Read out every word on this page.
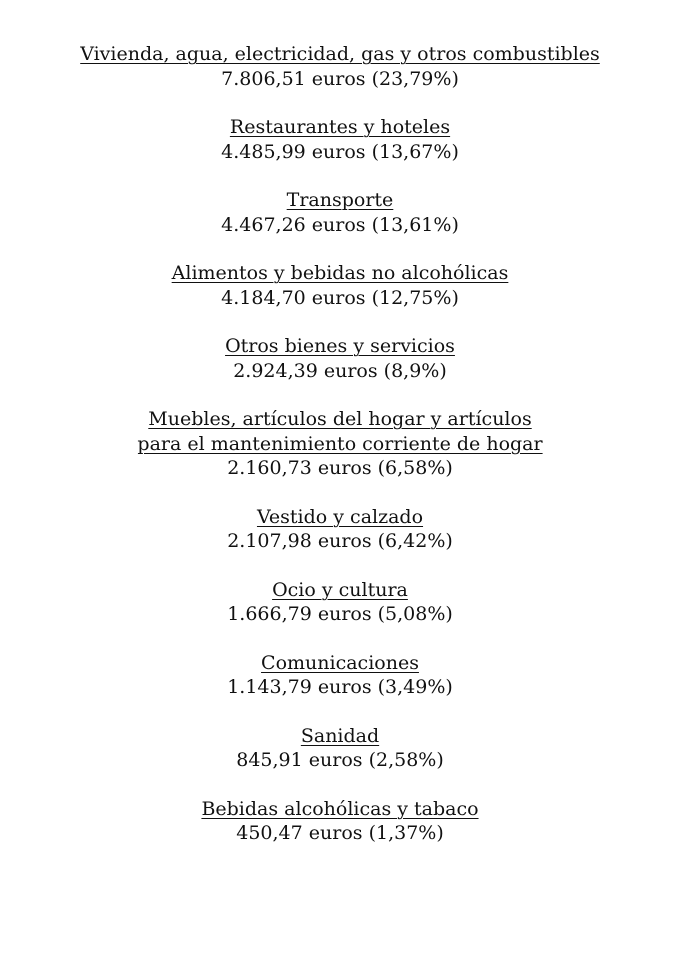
Vivienda, agua, electricidad, gas y otros combustibles
7.806,51 euros (23,79%)
Restaurantes y hoteles
4.485,99 euros (13,67%)
Transporte
4.467,26 euros (13,61%)
Alimentos y bebidas no alcohólicas
4.184,70 euros (12,75%)
Otros bienes y servicios
2.924,39 euros (8,9%)
Muebles, artículos del hogar y artículos
para el mantenimiento corriente de hogar
2.160,73 euros (6,58%)
Vestido y calzado
2.107,98 euros (6,42%)
Ocio y cultura
1.666,79 euros (5,08%)
Comunicaciones
1.143,79 euros (3,49%)
Sanidad
845,91 euros (2,58%)
Bebidas alcohólicas y tabaco
450,47 euros (1,37%)
